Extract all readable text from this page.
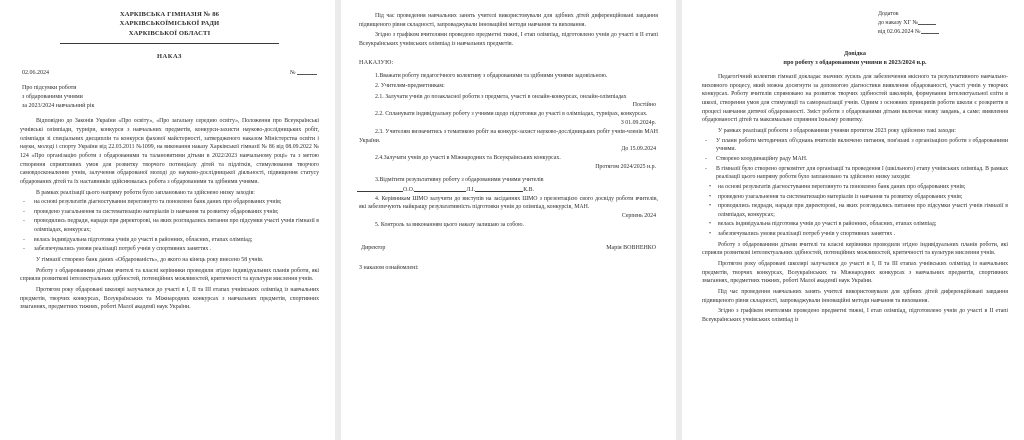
ХАРКІВСЬКА ГІМНАЗІЯ № 86
ХАРКІВСЬКОЇМІСЬКОЇ РАДИ
ХАРКІВСЬКОЇ ОБЛАСТІ
НАКАЗ
02.06.2024	№
Про підсумки роботи
з обдарованими учнями
за 2023/2024 навчальний рік

Відповідно до Законів України «Про освіту», «Про загальну середню освіту», Положення про Всеукраїнські учнівські олімпіади, турніри, конкурси з навчальних предметів, конкурси-захисти науково-дослідницьких робіт, олімпіади зі спеціальних дисциплін та конкурси фахової майстерності, затвердженого наказом Міністерства освіти і науки, молоді і спорту України від 22.03.2011 №1099, на виконання наказу Харківської гімназії № 86 від 08.09.2022 № 124 «Про організацію роботи з обдарованими та талановитими дітьми в 2022/2023 навчальному році» та з метою створення сприятливих умов для розвитку творчого потенціалу дітей та підлітків, стимулювання творчого самовдосконалення учнів, залучення обдарованої молоді до науково-дослідницької діяльності, підвищення статусу обдарованих дітей та їх наставників здійснювалась робота з обдарованими та здібними учнями.

В рамках реалізації цього напряму роботи було заплановано та здійснено низку заходів:

- на основі результатів діагностування переглянуто та поновлено банк даних про обдарованих учнів;
- проведено узагальнення та систематизацію матеріалів із навчання та розвитку обдарованих учнів;
- проводились педради, наради при директорові, на яких розглядались питання про підсумки участі учнів гімназії в олімпіадах, конкурсах;
- велась індивідуальна підготовка учнів до участі в районних, обласних, етапах олімпіад;
- забезпечувались умови реалізації потреб учнів у спортивних заняттях .

У гімназії створено банк даних «Обдарованість», до якого на кінець року внесено 58 учнів.

Роботу з обдарованими дітьми вчителі та класні керівники проводили згідно індивідуальних планів роботи, які сприяли розвиткові інтелектуальних здібностей, потенційних можливостей, критичності та культури мислення учнів.

Протягом року обдаровані школярі залучалися до участі в I, II та III етапах учнівських олімпіад із навчальних предметів, творчих конкурсах, Всеукраїнських та Міжнародних конкурсах з навчальних предметів, спортивних змаганнях, предметних тижнях, роботі Малої академії наук України.

Під час проведення навчальних занять учителі використовували для здібних дітей диференційовані завдання підвищеного рівня складності, запроваджували інноваційні методи навчання та виховання.

Згідно з графіком вчителями проведено предметні тижні, I етап олімпіад, підготовлено учнів до участі в II етапі Всеукраїнських учнівських олімпіад із навчальних предметів.

НАКАЗУЮ:

1.Вважати роботу педагогічного колективу з обдарованими та здібними учнями задовільною.

2. Учителям-предметникам:

2.1. Залучати учнів до позакласної роботи з предмета, участі в онлайн-конкурсах, онлайн-олімпіадах

Постійно

2.2. Спланувати індивідуальну роботу з учнями щодо підготовки до участі в олімпіадах, турнірах, конкурсах.

З 01.09.2024р.

2.3. Учителям визначитись з тематикою робіт на конкурс-захист науково-дослідницьких робіт учнів-членів МАН України.

До 15.09.2024

2.4.Залучати учнів до участі в Міжнародних та Всеукраїнських конкурсах.

Протягом 2024/2025 н.р.

3.Відмітити результативну роботу з обдарованими учнями учителів

О.О.	Л.І.	К.В.

4. Керівникам ШМО залучити до виступів на засіданнях ШМО з презентацією свого досвіду роботи вчителів, які забезпечують найкращу результативність підготовки учнів до олімпіад, конкурсів, МАН.

Серпень 2024

5. Контроль за виконанням цього наказу залишаю за собою.

Директор	Марія ВОВНЕНКО
З наказом ознайомлені:
Додаток
до наказу ХГ №
від 02.06.2024 №
Довідка
про роботу з обдарованими учнями в 2023/2024 н.р.

Педагогічний колектив гімназії докладає значних зусиль для забезпечення якісного та результативного навчально-виховного процесу, який можна досягнути за допомогою діагностики виявлення обдарованості, участі учнів у творчих конкурсах. Роботу вчителів спрямовано на розвиток творчих здібностей школярів, формування інтелектуальної еліти в школі, створення умов для стимуляції та самореалізації учнів. Одним з основних принципів роботи школи є розкриття в процесі навчання дитячої обдарованості. Зміст роботи з обдарованими дітьми включає низку завдань, а саме: виявлення обдарованості дітей та максимальне сприяння їхньому розвитку.

У рамках реалізації робооти з обдарованими учнями протягом 2023 року здійснено такі заходи:

- У плани роботи методичних об'єднань вчителів включено питання, пов'язані з організацією роботи з обдарованими учнями.
- Створено координаційну раду МАН.
- В гімназії було створено оргкомітет для організації та проведення I (шкільного) етапу учнівських олімпіад. В рамках реалізації цього напряму роботи було заплановано та здійснено низку заходів:
• на основі результатів діагностування переглянуто та поновлено банк даних про обдарованих учнів;
• проведено узагальнення та систематизацію матеріалів із навчання та розвитку обдарованих учнів;
• проводились педради, наради при директорові, на яких розглядались питання про підсумки участі учнів гімназії в олімпіадах, конкурсах;
• велась індивідуальна підготовка учнів до участі в районних, обласних, етапах олімпіад;
• забезпечувались умови реалізації потреб учнів у спортивних заняттях .

Роботу з обдарованими дітьми вчителі та класні керівники проводили згідно індивідуальних планів роботи, які сприяли розвиткові інтелектуальних здібностей, потенційних можливостей, критичності та культури мислення учнів.

Протягом року обдаровані школярі залучалися до участі в I, II та III етапах учнівських олімпіад із навчальних предметів, творчих конкурсах, Всеукраїнських та Міжнародних конкурсах з навчальних предметів, спортивних змаганнях, предметних тижнях, роботі Малої академії наук України.

Під час проведення навчальних занять учителі використовували для здібних дітей диференційовані завдання підвищеного рівня складності, запроваджували інноваційні методи навчання та виховання.

Згідно з графіком вчителями проведено предметні тижні, I етап олімпіад, підготовлено учнів до участі в II етапі Всеукраїнських учнівських олімпіад із
